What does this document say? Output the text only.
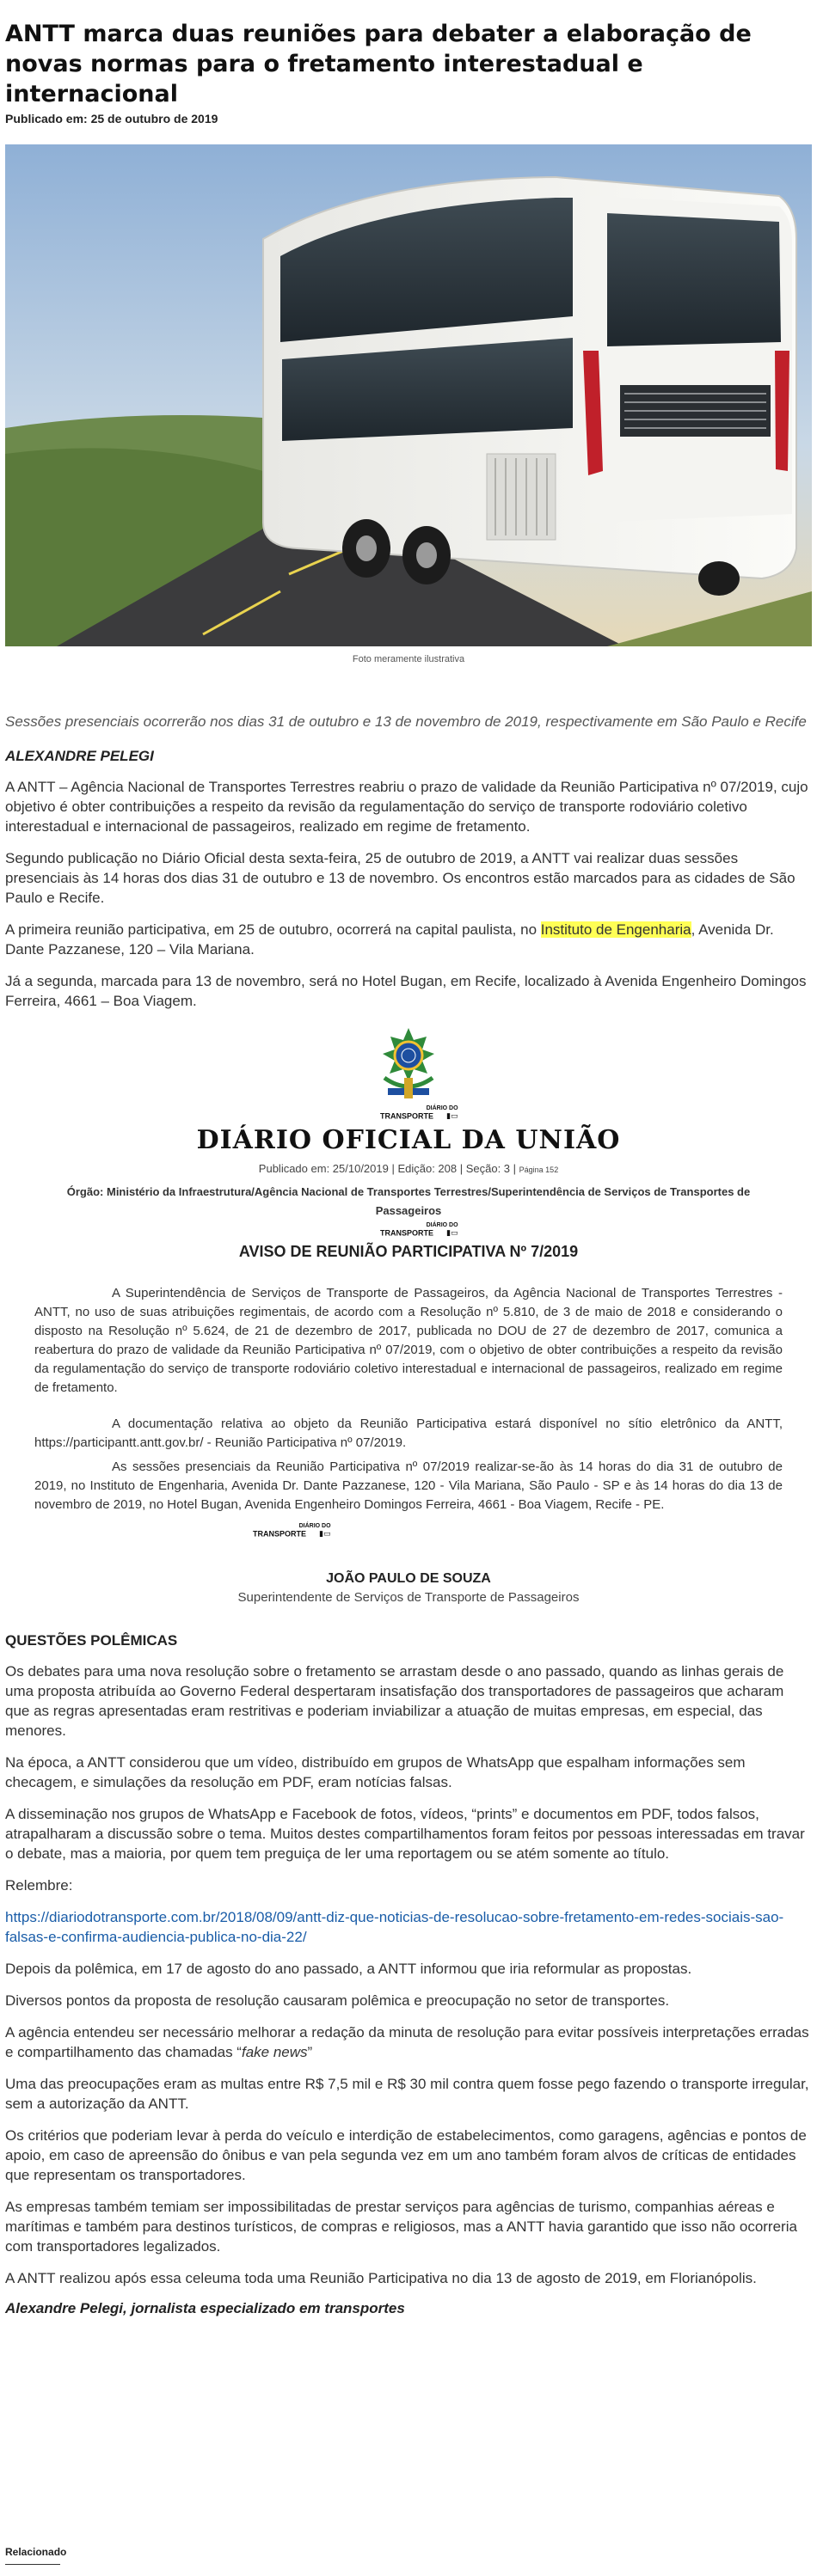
ANTT marca duas reuniões para debater a elaboração de novas normas para o fretamento interestadual e internacional
Publicado em: 25 de outubro de 2019
Foto meramente ilustrativa

Sessões presenciais ocorrerão nos dias 31 de outubro e 13 de novembro de 2019, respectivamente em São Paulo e Recife

ALEXANDRE PELEGI

A ANTT – Agência Nacional de Transportes Terrestres reabriu o prazo de validade da Reunião Participativa nº 07/2019, cujo objetivo é obter contribuições a respeito da revisão da regulamentação do serviço de transporte rodoviário coletivo interestadual e internacional de passageiros, realizado em regime de fretamento.

Segundo publicação no Diário Oficial desta sexta-feira, 25 de outubro de 2019, a ANTT vai realizar duas sessões presenciais às 14 horas dos dias 31 de outubro e 13 de novembro. Os encontros estão marcados para as cidades de São Paulo e Recife.

A primeira reunião participativa, em 25 de outubro, ocorrerá na capital paulista, no Instituto de Engenharia, Avenida Dr. Dante Pazzanese, 120 – Vila Mariana.

Já a segunda, marcada para 13 de novembro, será no Hotel Bugan, em Recife, localizado à Avenida Engenheiro Domingos Ferreira, 4661 – Boa Viagem.

DIÁRIO DO
TRANSPORTE ▮▭
DIÁRIO OFICIAL DA UNIÃO
Publicado em: 25/10/2019 | Edição: 208 | Seção: 3 | Página 152
Órgão: Ministério da Infraestrutura/Agência Nacional de Transportes Terrestres/Superintendência de Serviços de Transportes de Passageiros
DIÁRIO DO
TRANSPORTE ▮▭
AVISO DE REUNIÃO PARTICIPATIVA Nº 7/2019
A Superintendência de Serviços de Transporte de Passageiros, da Agência Nacional de Transportes Terrestres - ANTT, no uso de suas atribuições regimentais, de acordo com a Resolução nº 5.810, de 3 de maio de 2018 e considerando o disposto na Resolução nº 5.624, de 21 de dezembro de 2017, publicada no DOU de 27 de dezembro de 2017, comunica a reabertura do prazo de validade da Reunião Participativa nº 07/2019, com o objetivo de obter contribuições a respeito da revisão da regulamentação do serviço de transporte rodoviário coletivo interestadual e internacional de passageiros, realizado em regime de fretamento.
A documentação relativa ao objeto da Reunião Participativa estará disponível no sítio eletrônico da ANTT, https://participantt.antt.gov.br/ - Reunião Participativa nº 07/2019.
As sessões presenciais da Reunião Participativa nº 07/2019 realizar-se-ão às 14 horas do dia 31 de outubro de 2019, no Instituto de Engenharia, Avenida Dr. Dante Pazzanese, 120 - Vila Mariana, São Paulo - SP e às 14 horas do dia 13 de novembro de 2019, no Hotel Bugan, Avenida Engenheiro Domingos Ferreira, 4661 - Boa Viagem, Recife - PE.
DIÁRIO DO
TRANSPORTE ▮▭
JOÃO PAULO DE SOUZA
Superintendente de Serviços de Transporte de Passageiros

QUESTÕES POLÊMICAS

Os debates para uma nova resolução sobre o fretamento se arrastam desde o ano passado, quando as linhas gerais de uma proposta atribuída ao Governo Federal despertaram insatisfação dos transportadores de passageiros que acharam que as regras apresentadas eram restritivas e poderiam inviabilizar a atuação de muitas empresas, em especial, das menores.

Na época, a ANTT considerou que um vídeo, distribuído em grupos de WhatsApp que espalham informações sem checagem, e simulações da resolução em PDF, eram notícias falsas.

A disseminação nos grupos de WhatsApp e Facebook de fotos, vídeos, “prints” e documentos em PDF, todos falsos, atrapalharam a discussão sobre o tema. Muitos destes compartilhamentos foram feitos por pessoas interessadas em travar o debate, mas a maioria, por quem tem preguiça de ler uma reportagem ou se atém somente ao título.

Relembre:

https://diariodotransporte.com.br/2018/08/09/antt-diz-que-noticias-de-resolucao-sobre-fretamento-em-redes-sociais-sao-falsas-e-confirma-audiencia-publica-no-dia-22/

Depois da polêmica, em 17 de agosto do ano passado, a ANTT informou que iria reformular as propostas.

Diversos pontos da proposta de resolução causaram polêmica e preocupação no setor de transportes.

A agência entendeu ser necessário melhorar a redação da minuta de resolução para evitar possíveis interpretações erradas e compartilhamento das chamadas “fake news”

Uma das preocupações eram as multas entre R$ 7,5 mil e R$ 30 mil contra quem fosse pego fazendo o transporte irregular, sem a autorização da ANTT.

Os critérios que poderiam levar à perda do veículo e interdição de estabelecimentos, como garagens, agências e pontos de apoio, em caso de apreensão do ônibus e van pela segunda vez em um ano também foram alvos de críticas de entidades que representam os transportadores.

As empresas também temiam ser impossibilitadas de prestar serviços para agências de turismo, companhias aéreas e marítimas e também para destinos turísticos, de compras e religiosos, mas a ANTT havia garantido que isso não ocorreria com transportadores legalizados.

A ANTT realizou após essa celeuma toda uma Reunião Participativa no dia 13 de agosto de 2019, em Florianópolis.

Alexandre Pelegi, jornalista especializado em transportes

Relacionado
